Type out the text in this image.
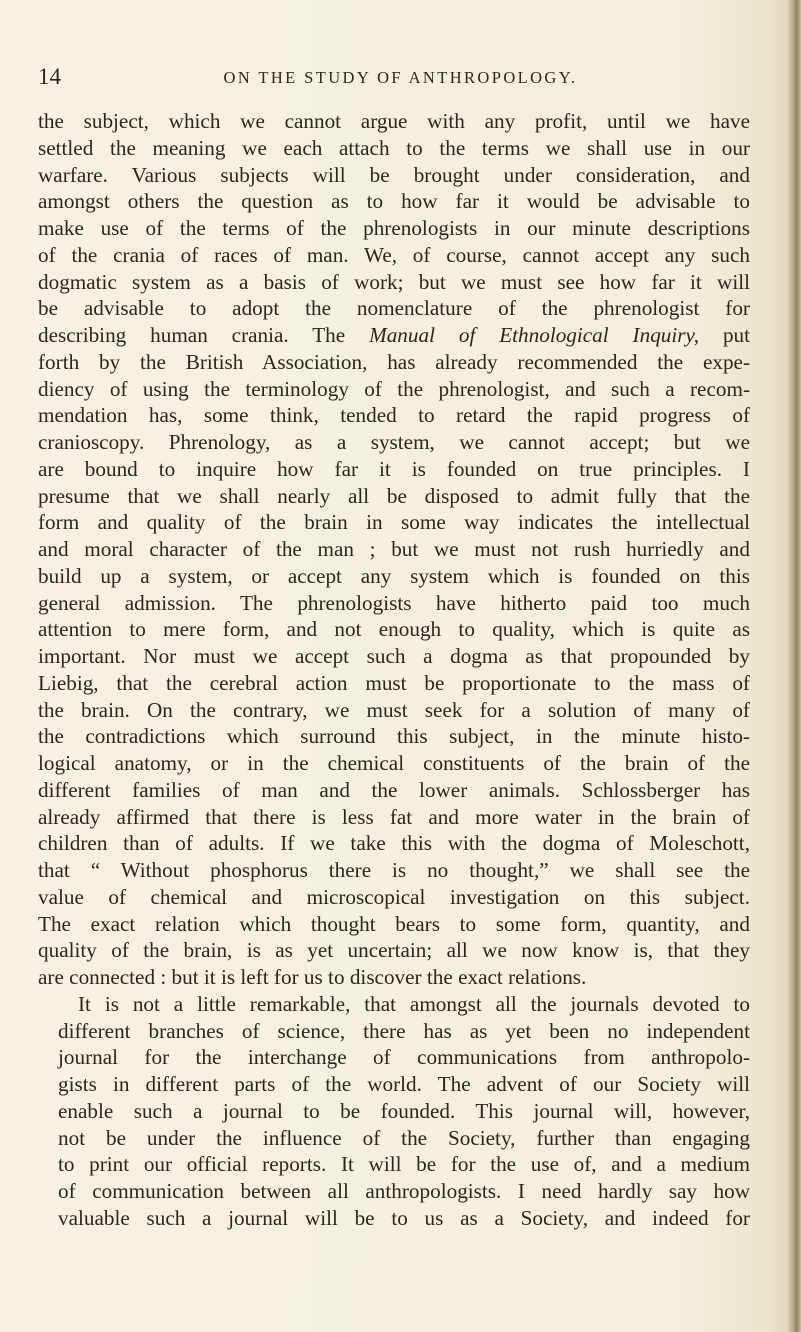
14	ON THE STUDY OF ANTHROPOLOGY.

the subject, which we cannot argue with any profit, until we have
settled the meaning we each attach to the terms we shall use in our
warfare. Various subjects will be brought under consideration, and
amongst others the question as to how far it would be advisable to
make use of the terms of the phrenologists in our minute descriptions
of the crania of races of man. We, of course, cannot accept any such
dogmatic system as a basis of work; but we must see how far it will
be advisable to adopt the nomenclature of the phrenologist for
describing human crania. The Manual of Ethnological Inquiry, put
forth by the British Association, has already recommended the expe-
diency of using the terminology of the phrenologist, and such a recom-
mendation has, some think, tended to retard the rapid progress of
cranioscopy. Phrenology, as a system, we cannot accept; but we
are bound to inquire how far it is founded on true principles. I
presume that we shall nearly all be disposed to admit fully that the
form and quality of the brain in some way indicates the intellectual
and moral character of the man ; but we must not rush hurriedly and
build up a system, or accept any system which is founded on this
general admission. The phrenologists have hitherto paid too much
attention to mere form, and not enough to quality, which is quite as
important. Nor must we accept such a dogma as that propounded by
Liebig, that the cerebral action must be proportionate to the mass of
the brain. On the contrary, we must seek for a solution of many of
the contradictions which surround this subject, in the minute histo-
logical anatomy, or in the chemical constituents of the brain of the
different families of man and the lower animals. Schlossberger has
already affirmed that there is less fat and more water in the brain of
children than of adults. If we take this with the dogma of Moleschott,
that “ Without phosphorus there is no thought,” we shall see the
value of chemical and microscopical investigation on this subject.
The exact relation which thought bears to some form, quantity, and
quality of the brain, is as yet uncertain; all we now know is, that they
are connected : but it is left for us to discover the exact relations.

It is not a little remarkable, that amongst all the journals devoted to
different branches of science, there has as yet been no independent
journal for the interchange of communications from anthropolo-
gists in different parts of the world. The advent of our Society will
enable such a journal to be founded. This journal will, however,
not be under the influence of the Society, further than engaging
to print our official reports. It will be for the use of, and a medium
of communication between all anthropologists. I need hardly say how
valuable such a journal will be to us as a Society, and indeed for
